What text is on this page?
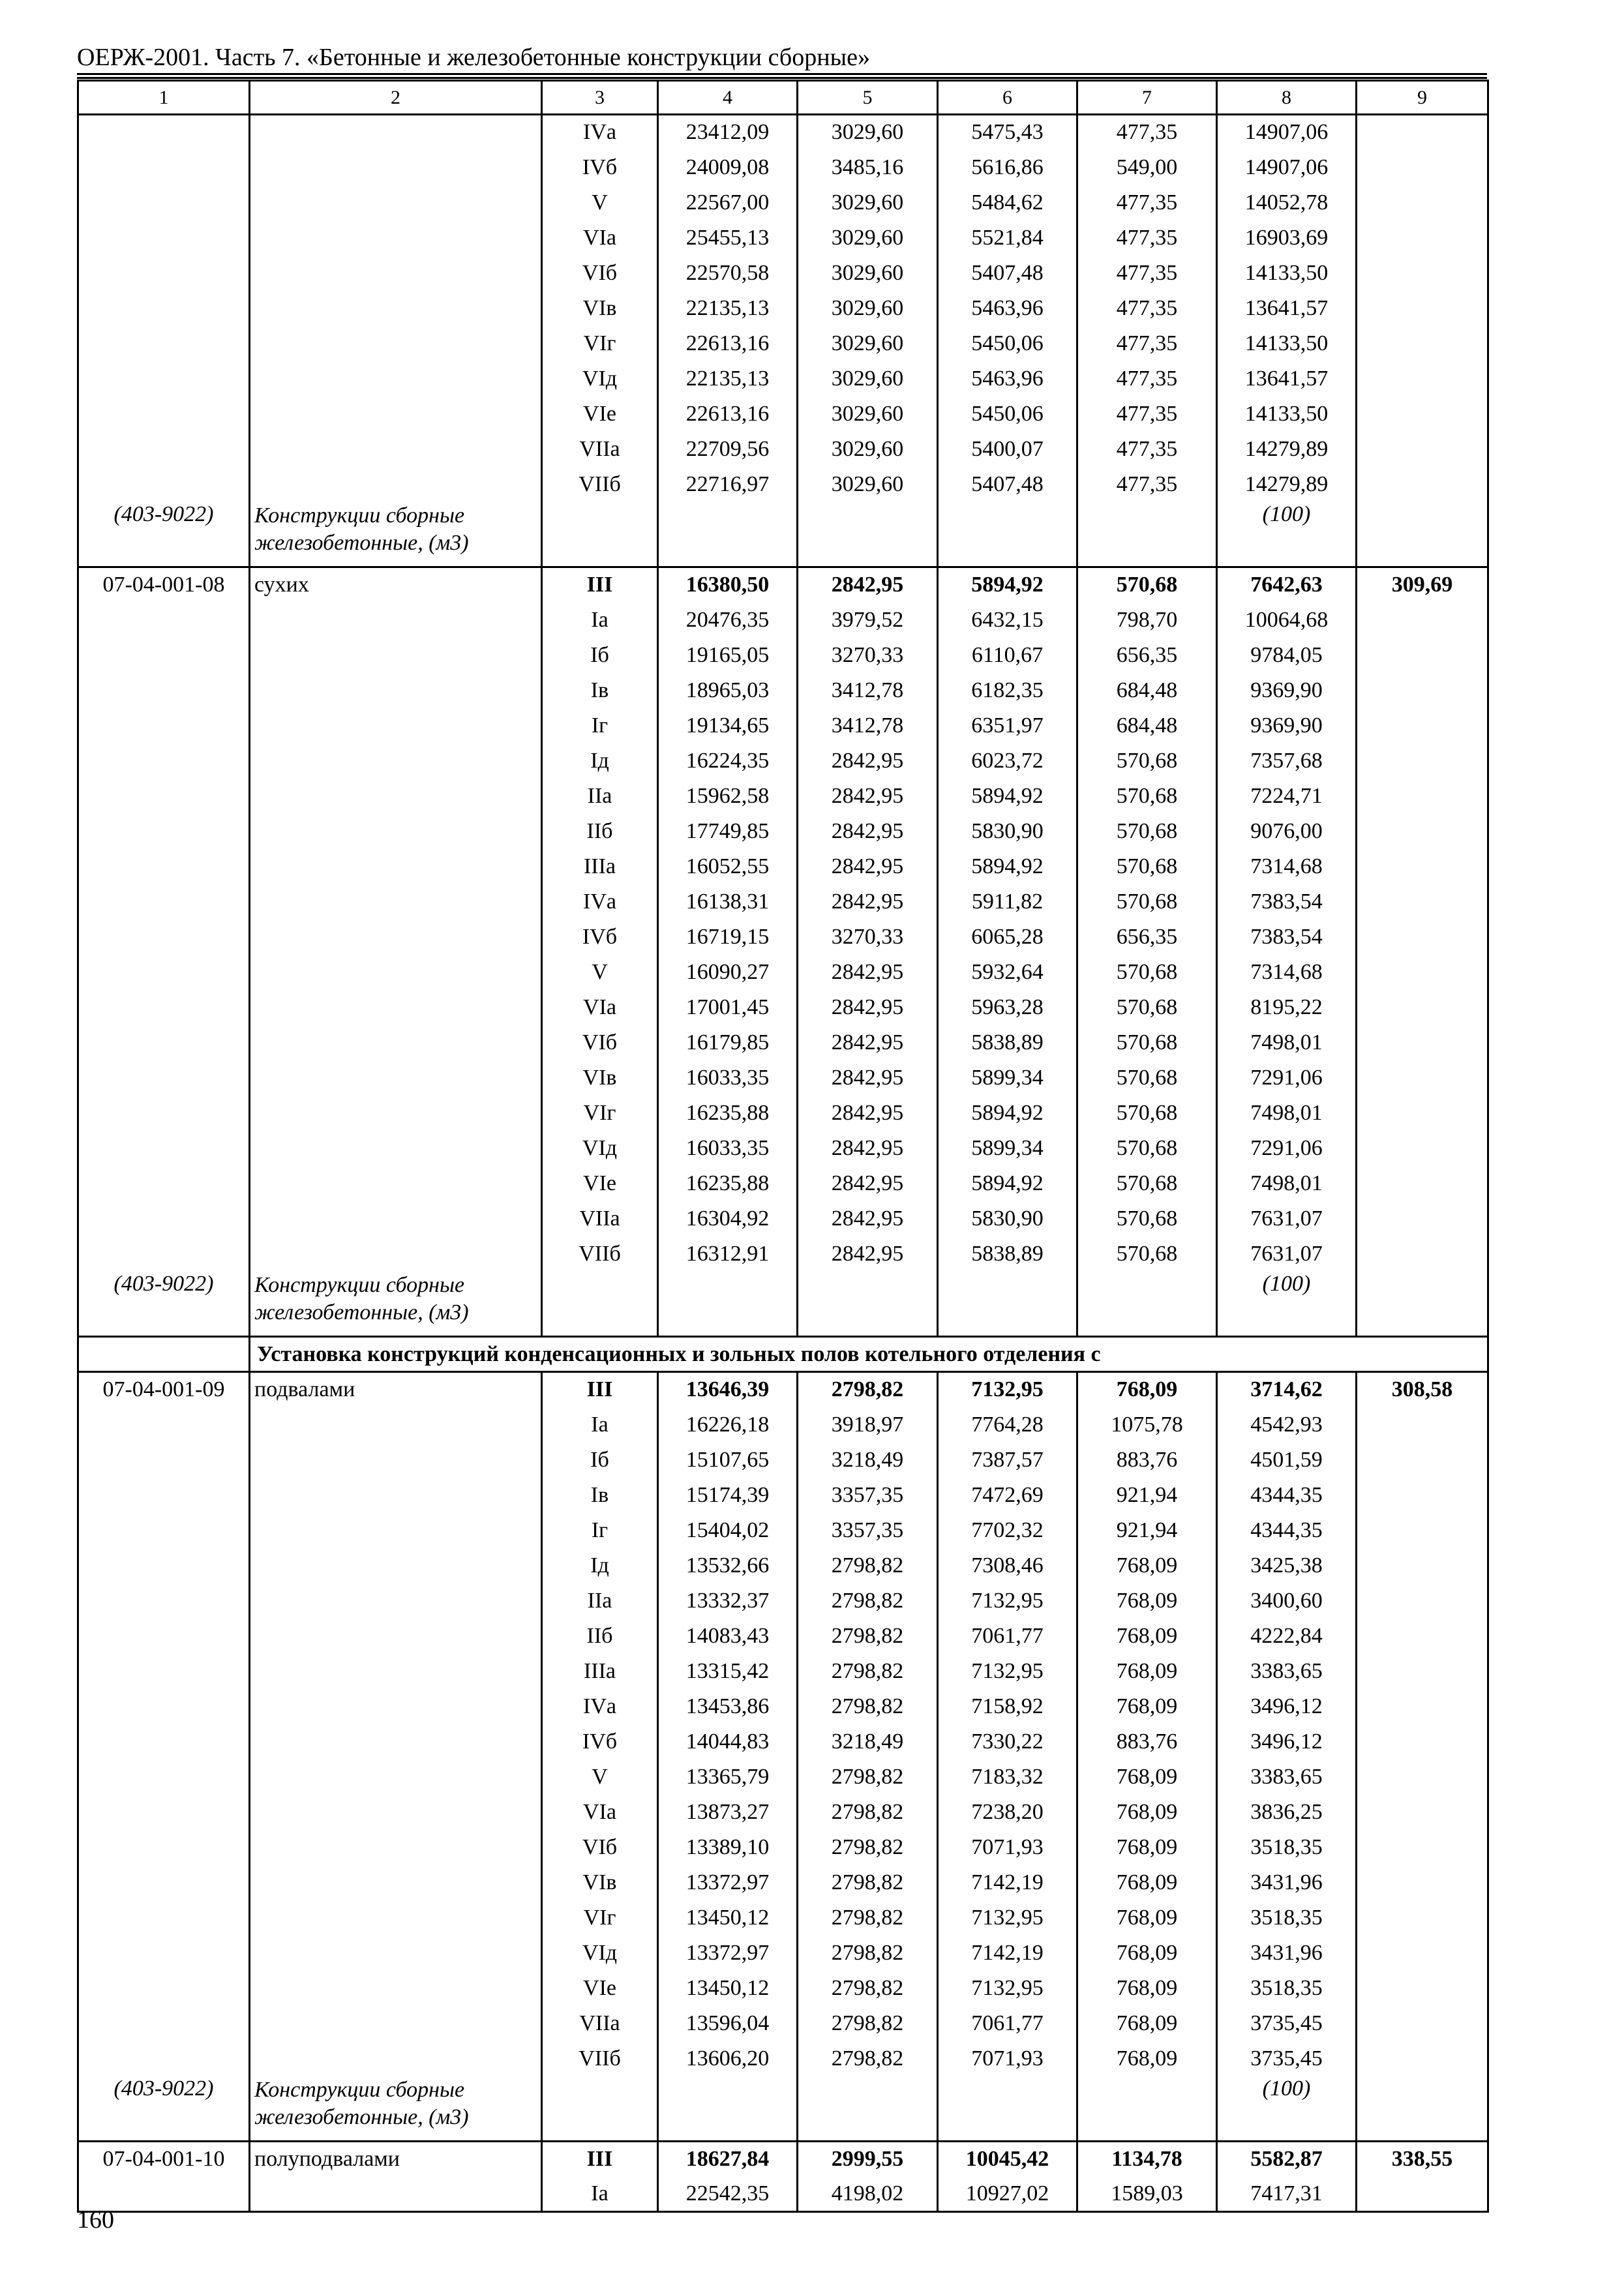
ОЕРЖ-2001. Часть 7. «Бетонные и железобетонные конструкции сборные»
1	2	3	4	5	6	7	8	9
		IVа	23412,09	3029,60	5475,43	477,35	14907,06	
		IVб	24009,08	3485,16	5616,86	549,00	14907,06	
		V	22567,00	3029,60	5484,62	477,35	14052,78	
		VIа	25455,13	3029,60	5521,84	477,35	16903,69	
		VIб	22570,58	3029,60	5407,48	477,35	14133,50	
		VIв	22135,13	3029,60	5463,96	477,35	13641,57	
		VIг	22613,16	3029,60	5450,06	477,35	14133,50	
		VIд	22135,13	3029,60	5463,96	477,35	13641,57	
		VIе	22613,16	3029,60	5450,06	477,35	14133,50	
		VIIа	22709,56	3029,60	5400,07	477,35	14279,89	
		VIIб	22716,97	3029,60	5407,48	477,35	14279,89	
(403-9022)	Конструкции сборные железобетонные, (м3)						(100)	
07-04-001-08	сухих	III	16380,50	2842,95	5894,92	570,68	7642,63	309,69
		Iа	20476,35	3979,52	6432,15	798,70	10064,68	
		Iб	19165,05	3270,33	6110,67	656,35	9784,05	
		Iв	18965,03	3412,78	6182,35	684,48	9369,90	
		Iг	19134,65	3412,78	6351,97	684,48	9369,90	
		Iд	16224,35	2842,95	6023,72	570,68	7357,68	
		IIа	15962,58	2842,95	5894,92	570,68	7224,71	
		IIб	17749,85	2842,95	5830,90	570,68	9076,00	
		IIIа	16052,55	2842,95	5894,92	570,68	7314,68	
		IVа	16138,31	2842,95	5911,82	570,68	7383,54	
		IVб	16719,15	3270,33	6065,28	656,35	7383,54	
		V	16090,27	2842,95	5932,64	570,68	7314,68	
		VIа	17001,45	2842,95	5963,28	570,68	8195,22	
		VIб	16179,85	2842,95	5838,89	570,68	7498,01	
		VIв	16033,35	2842,95	5899,34	570,68	7291,06	
		VIг	16235,88	2842,95	5894,92	570,68	7498,01	
		VIд	16033,35	2842,95	5899,34	570,68	7291,06	
		VIе	16235,88	2842,95	5894,92	570,68	7498,01	
		VIIа	16304,92	2842,95	5830,90	570,68	7631,07	
		VIIб	16312,91	2842,95	5838,89	570,68	7631,07	
(403-9022)	Конструкции сборные железобетонные, (м3)						(100)	
	Установка конструкций конденсационных и зольных полов котельного отделения с							
07-04-001-09	подвалами	III	13646,39	2798,82	7132,95	768,09	3714,62	308,58
		Iа	16226,18	3918,97	7764,28	1075,78	4542,93	
		Iб	15107,65	3218,49	7387,57	883,76	4501,59	
		Iв	15174,39	3357,35	7472,69	921,94	4344,35	
		Iг	15404,02	3357,35	7702,32	921,94	4344,35	
		Iд	13532,66	2798,82	7308,46	768,09	3425,38	
		IIа	13332,37	2798,82	7132,95	768,09	3400,60	
		IIб	14083,43	2798,82	7061,77	768,09	4222,84	
		IIIа	13315,42	2798,82	7132,95	768,09	3383,65	
		IVа	13453,86	2798,82	7158,92	768,09	3496,12	
		IVб	14044,83	3218,49	7330,22	883,76	3496,12	
		V	13365,79	2798,82	7183,32	768,09	3383,65	
		VIа	13873,27	2798,82	7238,20	768,09	3836,25	
		VIб	13389,10	2798,82	7071,93	768,09	3518,35	
		VIв	13372,97	2798,82	7142,19	768,09	3431,96	
		VIг	13450,12	2798,82	7132,95	768,09	3518,35	
		VIд	13372,97	2798,82	7142,19	768,09	3431,96	
		VIе	13450,12	2798,82	7132,95	768,09	3518,35	
		VIIа	13596,04	2798,82	7061,77	768,09	3735,45	
		VIIб	13606,20	2798,82	7071,93	768,09	3735,45	
(403-9022)	Конструкции сборные железобетонные, (м3)						(100)	
07-04-001-10	полуподвалами	III	18627,84	2999,55	10045,42	1134,78	5582,87	338,55
		Iа	22542,35	4198,02	10927,02	1589,03	7417,31	
160
